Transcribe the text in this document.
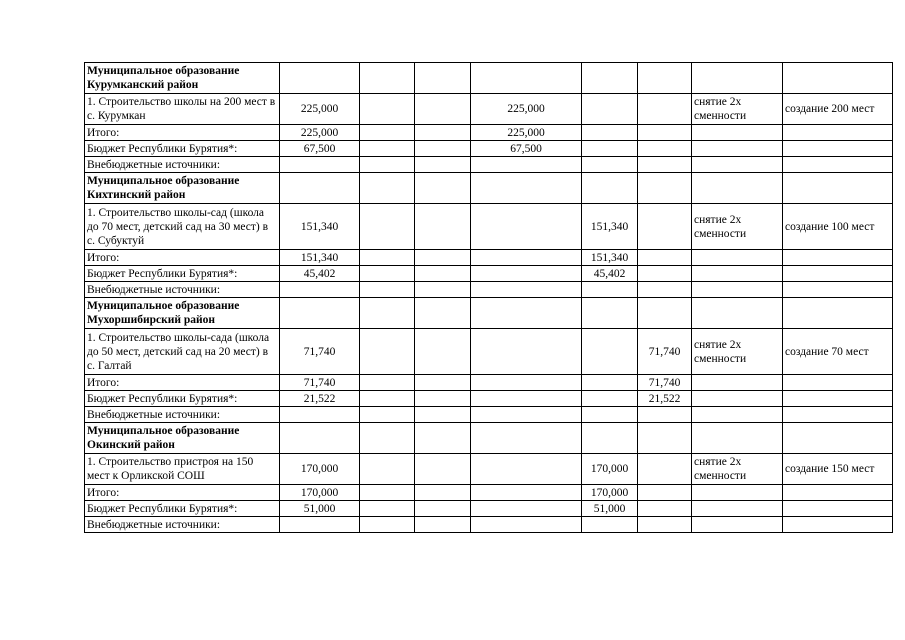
Муниципальное образование Курумканский район								
1. Строительство школы на 200 мест в с. Курумкан	225,000			225,000			снятие 2х сменности	создание 200 мест
Итого:	225,000			225,000				
Бюджет Республики Бурятия*:	67,500			67,500				
Внебюджетные источники:								
Муниципальное образование Кихтинский район								
1. Строительство школы-сад (школа до 70 мест, детский сад на 30 мест) в с. Субуктуй	151,340				151,340		снятие 2х сменности	создание 100 мест
Итого:	151,340				151,340			
Бюджет Республики Бурятия*:	45,402				45,402			
Внебюджетные источники:								
Муниципальное образование Мухоршибирский район								
1. Строительство школы-сада (школа до 50 мест, детский сад на 20 мест) в с. Галтай	71,740					71,740	снятие 2х сменности	создание 70 мест
Итого:	71,740					71,740		
Бюджет Республики Бурятия*:	21,522					21,522		
Внебюджетные источники:								
Муниципальное образование Окинский район								
1. Строительство пристроя на 150 мест к Орликской СОШ	170,000				170,000		снятие 2х сменности	создание 150 мест
Итого:	170,000				170,000			
Бюджет Республики Бурятия*:	51,000				51,000			
Внебюджетные источники:								
